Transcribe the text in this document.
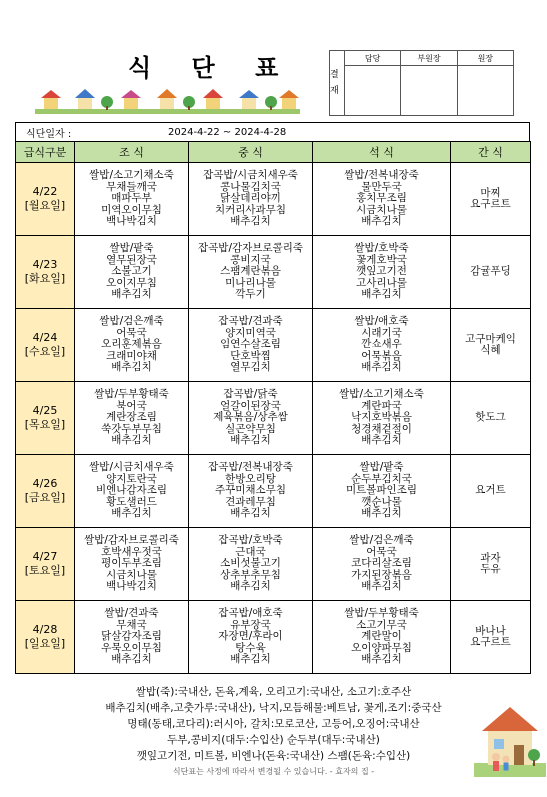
식 단 표	결재
담당	부원장	원장
식단일자 :	2024-4-22 ~ 2024-4-28
급식구분	조 식	중 식	석 식	간 식

4/22
[월요일]	쌀밥/소고기채소죽
무채들깨국
매파두부
미역오이무침
백나박김치	잡곡밥/시금치새우죽
콩나물김치국
닭살데리야끼
치커리사과무침
배추김치	쌀밥/전복내장죽
물만두국
홍치무조림
시금치나물
배추김치	마찌
요구르트

4/23
[화요일]	쌀밥/팥죽
열무된장국
소불고기
오이지무침
배추김치	잡곡밥/감자브로콜리죽
콩비지국
스팸계란볶음
미나리나물
깍두기	쌀밥/호박죽
꽃게호박국
깻잎고기전
고사리나물
배추김치	감귤푸딩

4/24
[수요일]	쌀밥/검은깨죽
어묵국
오리훈제볶음
크래미야채
배추김치	잡곡밥/견과죽
양지미역국
임연수살조림
단호박찜
열무김치	쌀밥/애호죽
시래기국
깐쇼새우
어묵볶음
배추김치	고구마케익
식혜

4/25
[목요일]	쌀밥/두부황태죽
북어국
계란장조림
쑥갓두부무침
배추김치	잡곡밥/닭죽
얼갈이된장국
제육볶음/상추쌈
실곤약무침
배추김치	쌀밥/소고기채소죽
계란파국
낙지호박볶음
청경채겉절이
배추김치	핫도그

4/26
[금요일]	쌀밥/시금치새우죽
양지토란국
비엔나감자조림
황도샐러드
배추김치	잡곡밥/전복내장죽
한방오리탕
주꾸미채소무침
견과레무침
배추김치	쌀밥/팥죽
순두부김치국
미트볼파인조림
깻순나물
배추김치	요거트

4/27
[토요일]	쌀밥/감자브로콜리죽
호박새우젓국
평이두부조림
시금치나물
백나박김치	잡곡밥/호박죽
근대국
소비섯불고기
상추부추무침
배추김치	쌀밥/검은깨죽
어묵국
코다리살조림
가지된장볶음
배추김치	과자
두유

4/28
[일요일]	쌀밥/견과죽
무채국
닭살감자조림
우묵오이무침
배추김치	잡곡밥/애호죽
유부장국
자장면/후라이
탕수육
배추김치	쌀밥/두부황태죽
소고기무국
계란말이
오이양파무침
배추김치	바나나
요구르트
쌀밥(죽):국내산, 돈육,계육, 오리고기:국내산, 소고기:호주산
배추김치(배추,고춧가루:국내산), 낙지,모듬해물:베트남, 꽃게,조기:중국산
명태(동태,코다리):러시아, 갈치:모로코산, 고등어,오징어:국내산
두부,콩비지(대두:수입산) 순두부(대두:국내산)
깻잎고기전, 미트볼, 비엔나(돈육:국내산) 스팸(돈육:수입산)
식단표는 사정에 따라서 변경될 수 있습니다. - 효자의 집 -
